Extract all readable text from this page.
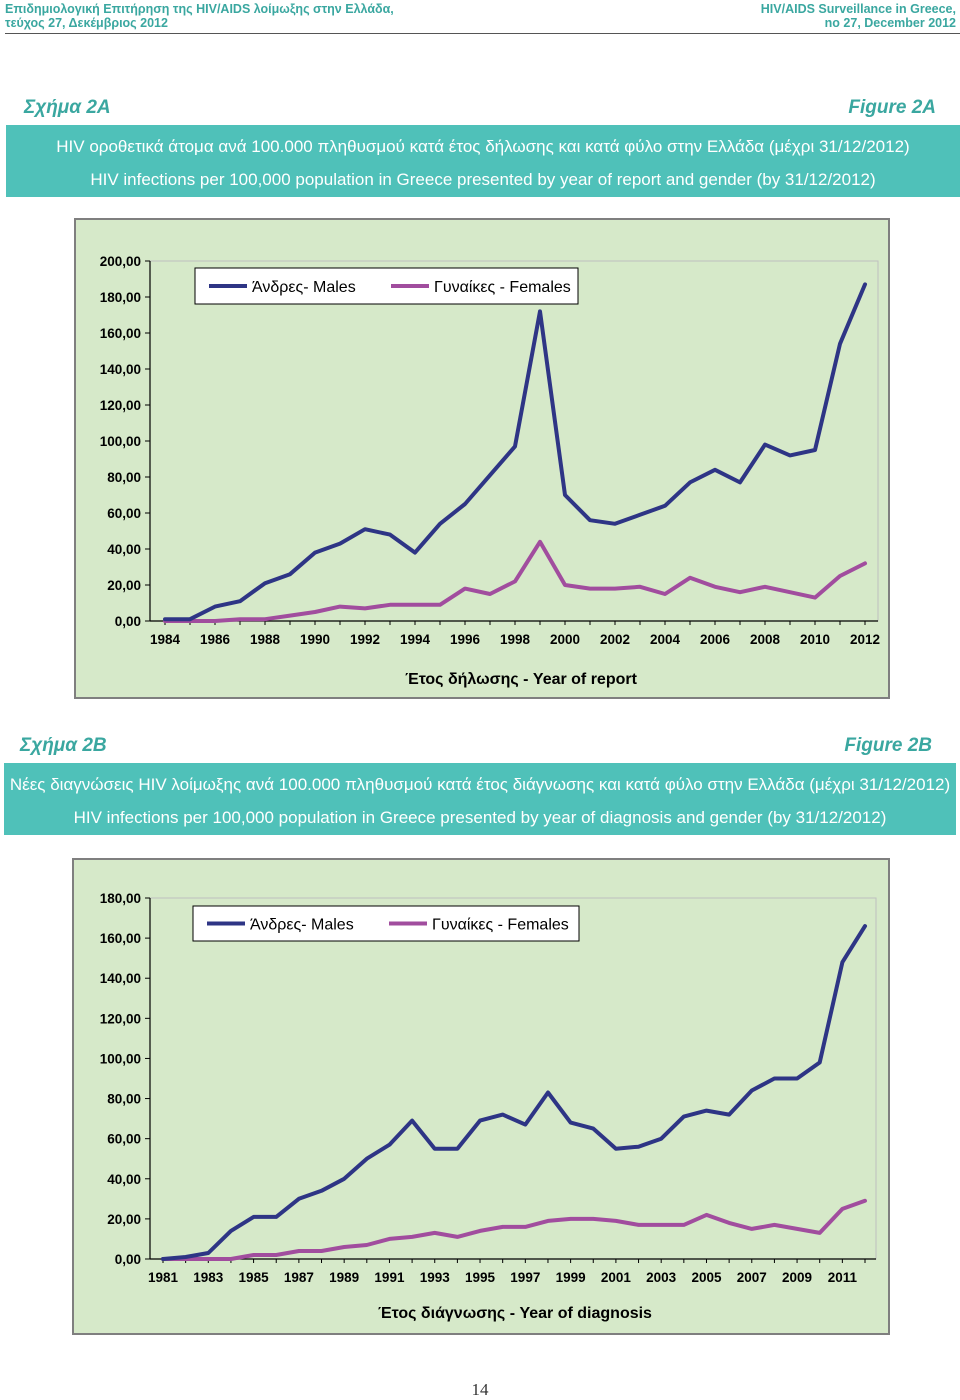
Επιδημιολογική Επιτήρηση της HIV/AIDS λοίμωξης στην Ελλάδα,
τεύχος 27, Δεκέμβριος 2012
HIV/AIDS Surveillance in Greece,
no 27, December 2012
Σχήμα 2A	Figure 2A
HIV οροθετικά άτομα ανά 100.000 πληθυσμού κατά έτος δήλωσης και κατά φύλο στην Ελλάδα (μέχρι 31/12/2012)
HIV infections per 100,000 population in Greece presented by year of report and gender (by 31/12/2012)
0,00
20,00
40,00
60,00
80,00
100,00
120,00
140,00
160,00
180,00
200,00
1984 1986 1988 1990 1992 1994 1996 1998 2000 2002 2004 2006 2008 2010 2012
Έτος δήλωσης - Year of report
Άνδρες- Males	Γυναίκες - Females
Σχήμα 2B	Figure 2B
Νέες διαγνώσεις HIV λοίμωξης ανά 100.000 πληθυσμού κατά έτος διάγνωσης και κατά φύλο στην Ελλάδα (μέχρι 31/12/2012)
HIV infections per 100,000 population in Greece presented by year of diagnosis and gender (by 31/12/2012)
0,00
20,00
40,00
60,00
80,00
100,00
120,00
140,00
160,00
180,00
1981 1983 1985 1987 1989 1991 1993 1995 1997 1999 2001 2003 2005 2007 2009 2011
Έτος διάγνωσης - Year of diagnosis
Άνδρες- Males	Γυναίκες - Females
14
